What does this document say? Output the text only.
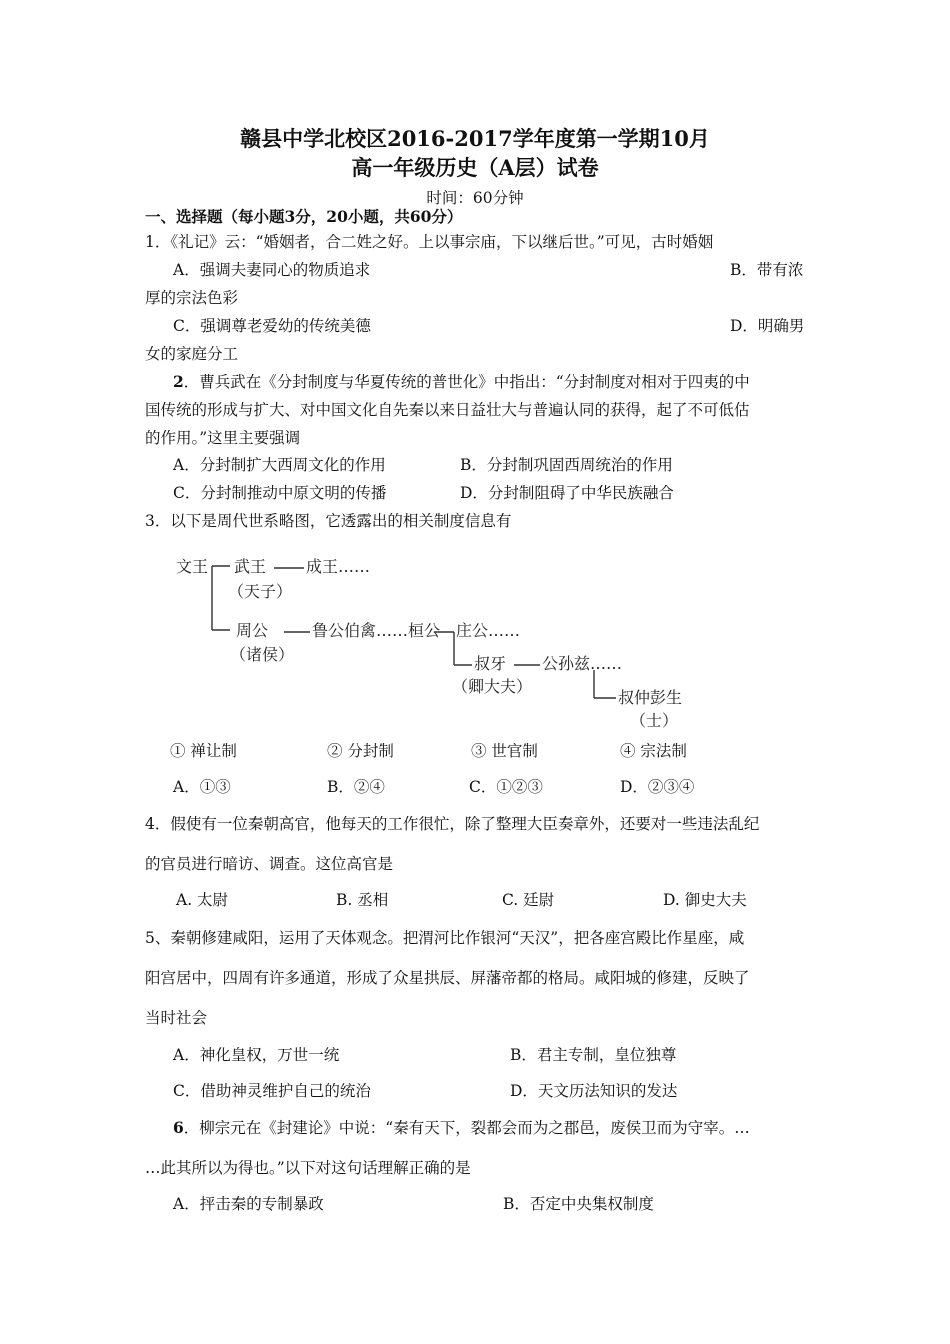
赣县中学北校区2016-2017学年度第一学期10月
高一年级历史（A层）试卷
时间：60分钟
一、选择题（每小题3分，20小题，共60分）
1．《礼记》云：“婚姻者，合二姓之好。上以事宗庙，下以继后世。”可见，古时婚姻
A．强调夫妻同心的物质追求	B．带有浓
厚的宗法色彩
C．强调尊老爱幼的传统美德	D．明确男
女的家庭分工
2．曹兵武在《分封制度与华夏传统的普世化》中指出：“分封制度对相对于四夷的中
国传统的形成与扩大、对中国文化自先秦以来日益壮大与普遍认同的获得，起了不可低估
的作用。”这里主要强调
A．分封制扩大西周文化的作用	B．分封制巩固西周统治的作用
C．分封制推动中原文明的传播	D．分封制阻碍了中华民族融合
3．以下是周代世系略图，它透露出的相关制度信息有
文王 武王 成王……
（天子）
周公	鲁公伯禽……桓公
（诸侯）
庄公……
叔牙 公孙兹……
（卿大夫）
叔仲彭生
（士）
① 禅让制	② 分封制	③ 世官制	④ 宗法制
A．①③	B．②④	C．①②③	D．②③④
4．假使有一位秦朝高官，他每天的工作很忙，除了整理大臣奏章外，还要对一些违法乱纪
的官员进行暗访、调查。这位高官是
A. 太尉	B. 丞相	C. 廷尉	D. 御史大夫
5、秦朝修建咸阳，运用了天体观念。把渭河比作银河“天汉”，把各座宫殿比作星座，咸
阳宫居中，四周有许多通道，形成了众星拱辰、屏藩帝都的格局。咸阳城的修建，反映了
当时社会
A．神化皇权，万世一统	B．君主专制，皇位独尊
C．借助神灵维护自己的统治	D．天文历法知识的发达
6．柳宗元在《封建论》中说：“秦有天下，裂都会而为之郡邑，废侯卫而为守宰。…
…此其所以为得也。”以下对这句话理解正确的是
A．抨击秦的专制暴政	B．否定中央集权制度
